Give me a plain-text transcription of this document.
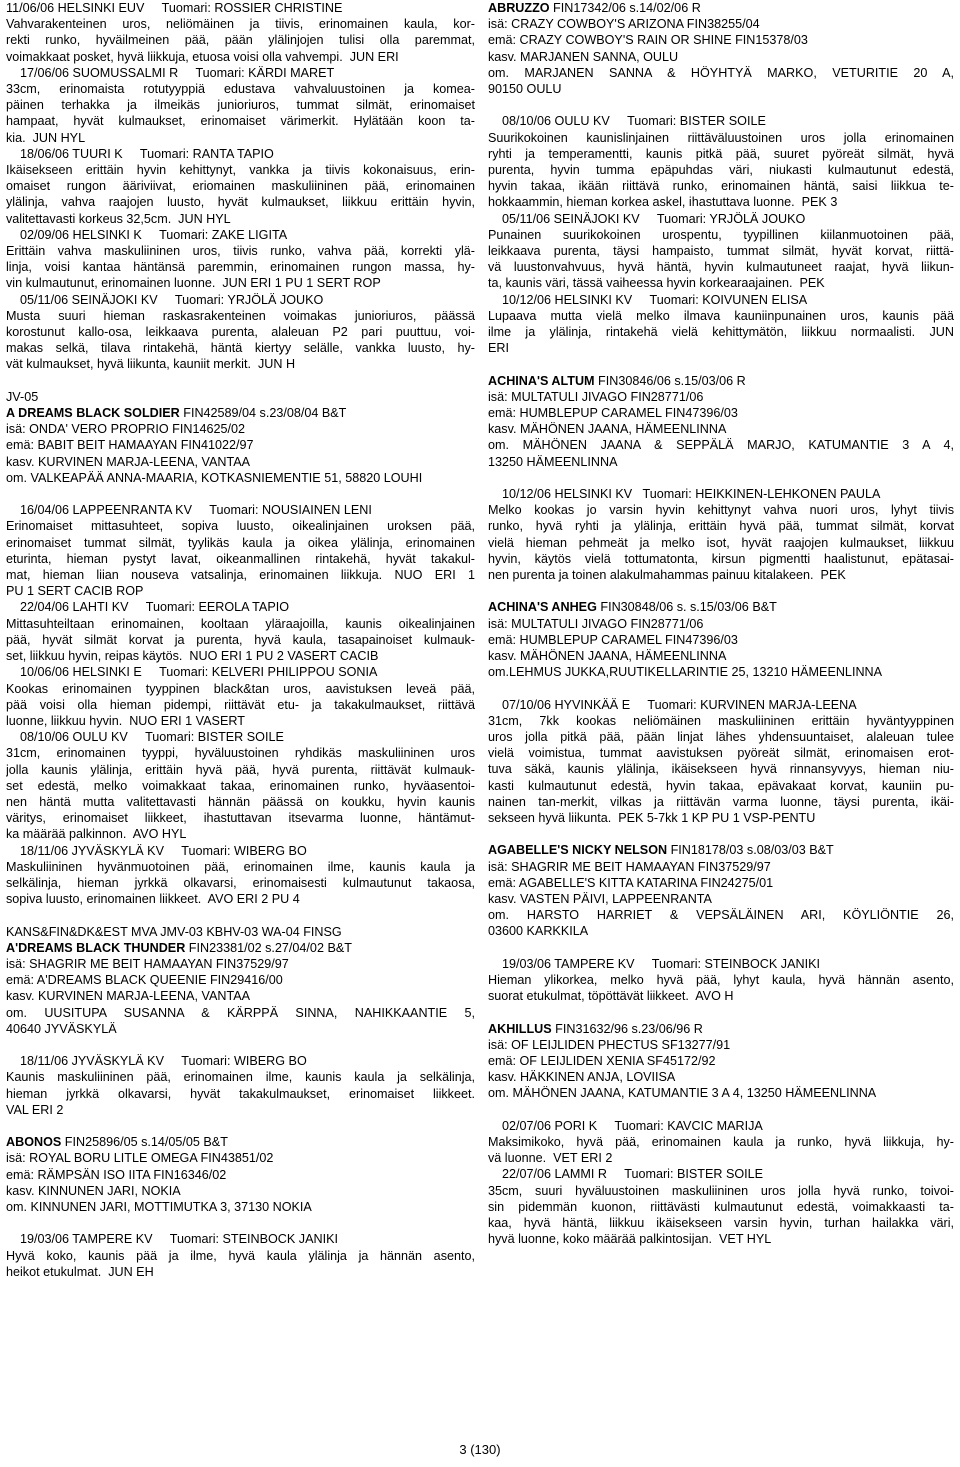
11/06/06 HELSINKI EUV     Tuomari: ROSSIER CHRISTINE
Vahvarakenteinen uros, neliömäinen ja tiivis, erinomainen kaula, kor-
rekti runko, hyväilmeinen pää, pään ylälinjojen tulisi olla paremmat,
voimakkaat posket, hyvä liikkuja, etuosa voisi olla vahvempi.  JUN ERI
17/06/06 SUOMUSSALMI R     Tuomari: KÄRDI MARET
33cm, erinomaista rotutyyppiä edustava vahvaluustoinen ja komea-
päinen terhakka ja ilmeikäs junioriuros, tummat silmät, erinomaiset
hampaat, hyvät kulmaukset, erinomaiset värimerkit. Hylätään koon ta-
kia.  JUN HYL
18/06/06 TUURI K     Tuomari: RANTA TAPIO
Ikäisekseen erittäin hyvin kehittynyt, vankka ja tiivis kokonaisuus, erin-
omaiset rungon ääriviivat, eriomainen maskuliininen pää, erinomainen
ylälinja, vahva raajojen luusto, hyvät kulmaukset, liikkuu erittäin hyvin,
valitettavasti korkeus 32,5cm.  JUN HYL
02/09/06 HELSINKI K     Tuomari: ZAKE LIGITA
Erittäin vahva maskuliininen uros, tiivis runko, vahva pää, korrekti ylä-
linja, voisi kantaa häntänsä paremmin, erinomainen rungon massa, hy-
vin kulmautunut, erinomainen luonne.  JUN ERI 1 PU 1 SERT ROP
05/11/06 SEINÄJOKI KV     Tuomari: YRJÖLÄ JOUKO
Musta suuri hieman raskasrakenteinen voimakas junioriuros, päässä
korostunut kallo-osa, leikkaava purenta, alaleuan P2 pari puuttuu, voi-
makas selkä, tilava rintakehä, häntä kiertyy selälle, vankka luusto, hy-
vät kulmaukset, hyvä liikunta, kauniit merkit.  JUN H
JV-05
A DREAMS BLACK SOLDIER FIN42589/04 s.23/08/04 B&T
isä: ONDA' VERO PROPRIO FIN14625/02
emä: BABIT BEIT HAMAAYAN FIN41022/97
kasv. KURVINEN MARJA-LEENA, VANTAA
om. VALKEAPÄÄ ANNA-MAARIA, KOTKASNIEMENTIE 51, 58820 LOUHI
16/04/06 LAPPEENRANTA KV     Tuomari: NOUSIAINEN LENI
Erinomaiset mittasuhteet, sopiva luusto, oikealinjainen uroksen pää,
erinomaiset tummat silmät, tyylikäs kaula ja oikea ylälinja, erinomainen
eturinta, hieman pystyt lavat, oikeanmallinen rintakehä, hyvät takakul-
mat, hieman liian nouseva vatsalinja, erinomainen liikkuja. NUO ERI 1
PU 1 SERT CACIB ROP
22/04/06 LAHTI KV     Tuomari: EEROLA TAPIO
Mittasuhteiltaan erinomainen, kooltaan yläraajoilla, kaunis oikealinjainen
pää, hyvät silmät korvat ja purenta, hyvä kaula, tasapainoiset kulmauk-
set, liikkuu hyvin, reipas käytös.  NUO ERI 1 PU 2 VASERT CACIB
10/06/06 HELSINKI E     Tuomari: KELVERI PHILIPPOU SONIA
Kookas erinomainen tyyppinen black&tan uros, aavistuksen leveä pää,
pää voisi olla hieman pidempi, riittävät etu- ja takakulmaukset, riittävä
luonne, liikkuu hyvin.  NUO ERI 1 VASERT
08/10/06 OULU KV     Tuomari: BISTER SOILE
31cm, erinomainen tyyppi, hyväluustoinen ryhdikäs maskuliininen uros
jolla kaunis ylälinja, erittäin hyvä pää, hyvä purenta, riittävät kulmauk-
set edestä, melko voimakkaat takaa, erinomainen runko, hyväasentoi-
nen häntä mutta valitettavasti hännän päässä on koukku, hyvin kaunis
väritys, erinomaiset liikkeet, ihastuttavan itsevarma luonne, häntämut-
ka määrää palkinnon.  AVO HYL
18/11/06 JYVÄSKYLÄ KV     Tuomari: WIBERG BO
Maskuliininen hyvänmuotoinen pää, erinomainen ilme, kaunis kaula ja
selkälinja, hieman jyrkkä olkavarsi, erinomaisesti kulmautunut takaosa,
sopiva luusto, erinomainen liikkeet.  AVO ERI 2 PU 4
KANS&FIN&DK&EST MVA JMV-03 KBHV-03 WA-04 FINSG
A'DREAMS BLACK THUNDER FIN23381/02 s.27/04/02 B&T
isä: SHAGRIR ME BEIT HAMAAYAN FIN37529/97
emä: A'DREAMS BLACK QUEENIE FIN29416/00
kasv. KURVINEN MARJA-LEENA, VANTAA
om. UUSITUPA SUSANNA & KÄRPPÄ SINNA, NAHIKKAANTIE 5,
40640 JYVÄSKYLÄ
18/11/06 JYVÄSKYLÄ KV     Tuomari: WIBERG BO
Kaunis maskuliininen pää, erinomainen ilme, kaunis kaula ja selkälinja,
hieman jyrkkä olkavarsi, hyvät takakulmaukset, erinomaiset liikkeet.
VAL ERI 2
ABONOS FIN25896/05 s.14/05/05 B&T
isä: ROYAL BORU LITLE OMEGA FIN43851/02
emä: RÄMPSÄN ISO IITA FIN16346/02
kasv. KINNUNEN JARI, NOKIA
om. KINNUNEN JARI, MOTTIMUTKA 3, 37130 NOKIA
19/03/06 TAMPERE KV     Tuomari: STEINBOCK JANIKI
Hyvä koko, kaunis pää ja ilme, hyvä kaula ylälinja ja hännän asento,
heikot etukulmat.  JUN EH
ABRUZZO FIN17342/06 s.14/02/06 R
isä: CRAZY COWBOY'S ARIZONA FIN38255/04
emä: CRAZY COWBOY'S RAIN OR SHINE FIN15378/03
kasv. MARJANEN SANNA, OULU
om. MARJANEN SANNA & HÖYHTYÄ MARKO, VETURITIE 20 A,
90150 OULU
08/10/06 OULU KV     Tuomari: BISTER SOILE
Suurikokoinen kaunislinjainen riittäväluustoinen uros jolla erinomainen
ryhti ja temperamentti, kaunis pitkä pää, suuret pyöreät silmät, hyvä
purenta, hyvin tumma epäpuhdas väri, niukasti kulmautunut edestä,
hyvin takaa, ikään riittävä runko, erinomainen häntä, saisi liikkua te-
hokkaammin, hieman korkea askel, ihastuttava luonne.  PEK 3
05/11/06 SEINÄJOKI KV     Tuomari: YRJÖLÄ JOUKO
Punainen suurikokoinen urospentu, tyypillinen kiilanmuotoinen pää,
leikkaava purenta, täysi hampaisto, tummat silmät, hyvät korvat, riittä-
vä luustonvahvuus, hyvä häntä, hyvin kulmautuneet raajat, hyvä liikun-
ta, kaunis väri, tässä vaiheessa hyvin korkearaajainen.  PEK
10/12/06 HELSINKI KV     Tuomari: KOIVUNEN ELISA
Lupaava mutta vielä melko ilmava kauniinpunainen uros, kaunis pää
ilme ja ylälinja, rintakehä vielä kehittymätön, liikkuu normaalisti. JUN
ERI
ACHINA'S ALTUM FIN30846/06 s.15/03/06 R
isä: MULTATULI JIVAGO FIN28771/06
emä: HUMBLEPUP CARAMEL FIN47396/03
kasv. MÄHÖNEN JAANA, HÄMEENLINNA
om. MÄHÖNEN JAANA & SEPPÄLÄ MARJO, KATUMANTIE 3 A 4,
13250 HÄMEENLINNA
10/12/06 HELSINKI KV   Tuomari: HEIKKINEN-LEHKONEN PAULA
Melko kookas jo varsin hyvin kehittynyt vahva nuori uros, lyhyt tiivis
runko, hyvä ryhti ja ylälinja, erittäin hyvä pää, tummat silmät, korvat
vielä hieman pehmeät ja melko isot, hyvät raajojen kulmaukset, liikkuu
hyvin, käytös vielä tottumatonta, kirsun pigmentti haalistunut, epätasai-
nen purenta ja toinen alakulmahammas painuu kitalakeen.  PEK
ACHINA'S ANHEG FIN30848/06 s. s.15/03/06 B&T
isä: MULTATULI JIVAGO FIN28771/06
emä: HUMBLEPUP CARAMEL FIN47396/03
kasv. MÄHÖNEN JAANA, HÄMEENLINNA
om.LEHMUS JUKKA,RUUTIKELLARINTIE 25, 13210 HÄMEENLINNA
07/10/06 HYVINKÄÄ E     Tuomari: KURVINEN MARJA-LEENA
31cm, 7kk kookas neliömäinen maskuliininen erittäin hyväntyyppinen
uros jolla pitkä pää, pään linjat lähes yhdensuuntaiset, alaleuan tulee
vielä voimistua, tummat aavistuksen pyöreät silmät, erinomaisen erot-
tuva säkä, kaunis ylälinja, ikäisekseen hyvä rinnansyvyys, hieman niu-
kasti kulmautunut edestä, hyvin takaa, epävakaat korvat, kauniin pu-
nainen tan-merkit, vilkas ja riittävän varma luonne, täysi purenta, ikäi-
sekseen hyvä liikunta.  PEK 5-7kk 1 KP PU 1 VSP-PENTU
AGABELLE'S NICKY NELSON FIN18178/03 s.08/03/03 B&T
isä: SHAGRIR ME BEIT HAMAAYAN FIN37529/97
emä: AGABELLE'S KITTA KATARINA FIN24275/01
kasv. VASTEN PÄIVI, LAPPEENRANTA
om. HARSTO HARRIET & VEPSÄLÄINEN ARI, KÖYLIÖNTIE 26,
03600 KARKKILA
19/03/06 TAMPERE KV     Tuomari: STEINBOCK JANIKI
Hieman ylikorkea, melko hyvä pää, lyhyt kaula, hyvä hännän asento,
suorat etukulmat, töpöttävät liikkeet.  AVO H
AKHILLUS FIN31632/96 s.23/06/96 R
isä: OF LEIJLIDEN PHECTUS SF13277/91
emä: OF LEIJLIDEN XENIA SF45172/92
kasv. HÄKKINEN ANJA, LOVIISA
om. MÄHÖNEN JAANA, KATUMANTIE 3 A 4, 13250 HÄMEENLINNA
02/07/06 PORI K     Tuomari: KAVCIC MARIJA
Maksimikoko, hyvä pää, erinomainen kaula ja runko, hyvä liikkuja, hy-
vä luonne.  VET ERI 2
22/07/06 LAMMI R     Tuomari: BISTER SOILE
35cm, suuri hyväluustoinen maskuliininen uros jolla hyvä runko, toivoi-
sin pidemmän kuonon, riittävästi kulmautunut edestä, voimakkaasti ta-
kaa, hyvä häntä, liikkuu ikäisekseen varsin hyvin, turhan hailakka väri,
hyvä luonne, koko määrää palkintosijan.  VET HYL
3 (130)
